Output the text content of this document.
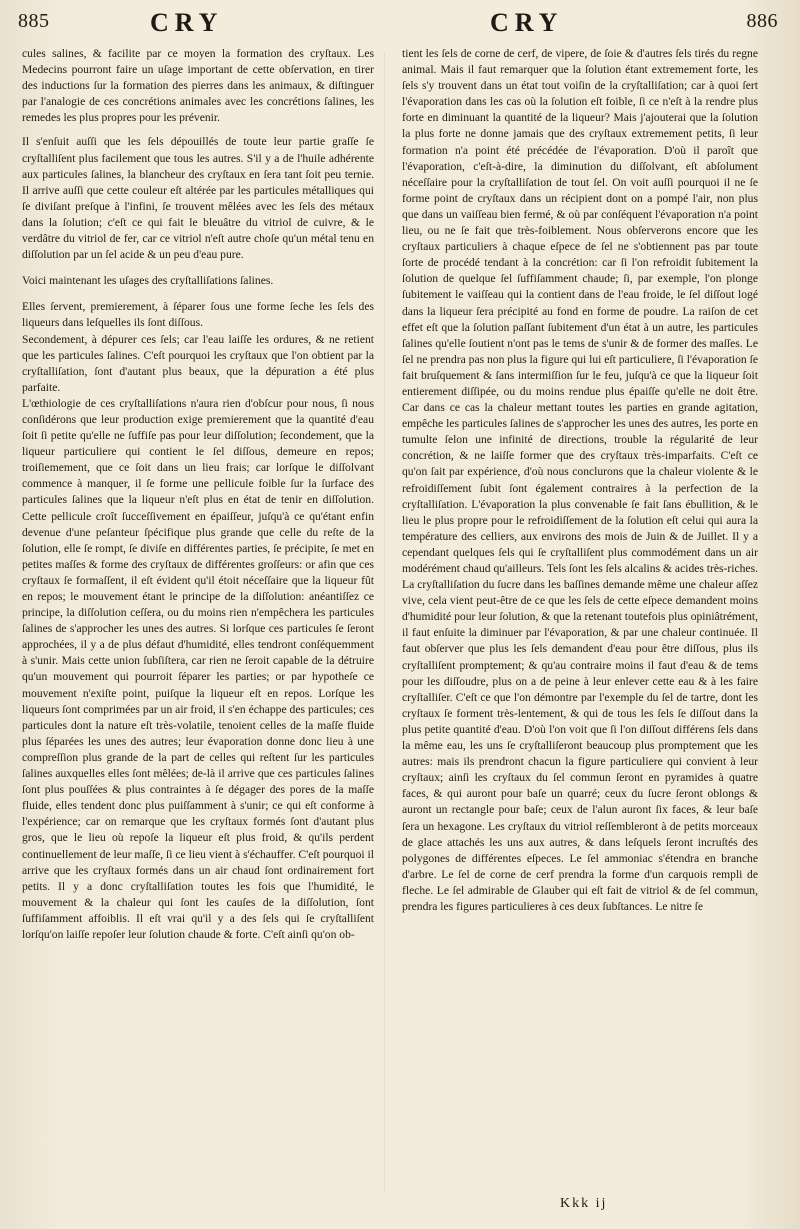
885	CRY	CRY	886

cules salines, & facilite par ce moyen la formation des cryſtaux. Les Medecins pourront faire un uſage important de cette obſervation, en tirer des inductions ſur la formation des pierres dans les animaux, & diſtinguer par l'analogie de ces concrétions animales avec les concrétions ſalines, les remedes les plus propres pour les prévenir.

Il s'enſuit auſſi que les ſels dépouillés de toute leur partie graſſe ſe cryſtalliſent plus facilement que tous les autres. S'il y a de l'huile adhérente aux particules ſalines, la blancheur des cryſtaux en ſera tant ſoit peu ternie. Il arrive auſſi que cette couleur eſt altérée par les particules métalliques qui ſe diviſant preſque à l'infini, ſe trouvent mêlées avec les ſels des métaux dans la ſolution; c'eſt ce qui fait le bleuâtre du vitriol de cuivre, & le verdâtre du vitriol de fer, car ce vitriol n'eſt autre choſe qu'un métal tenu en diſſolution par un ſel acide & un peu d'eau pure.

Voici maintenant les uſages des cryſtalliſations ſalines.

Elles ſervent, premierement, à ſéparer ſous une forme ſeche les ſels des liqueurs dans leſquelles ils ſont diſſous.

Secondement, à dépurer ces ſels; car l'eau laiſſe les ordures, & ne retient que les particules ſalines. C'eſt pourquoi les cryſtaux que l'on obtient par la cryſtalliſation, ſont d'autant plus beaux, que la dépuration a été plus parfaite.

L'œthiologie de ces cryſtalliſations n'aura rien d'obſcur pour nous, ſi nous conſidérons que leur production exige premierement que la quantité d'eau ſoit ſi petite qu'elle ne ſuffiſe pas pour leur diſſolution; ſecondement, que la liqueur particuliere qui contient le ſel diſſous, demeure en repos; troiſiemement, que ce ſoit dans un lieu frais; car lorſque le diſſolvant commence à manquer, il ſe forme une pellicule foible ſur la ſurface des particules ſalines que la liqueur n'eſt plus en état de tenir en diſſolution. Cette pellicule croît ſucceſſivement en épaiſſeur, juſqu'à ce qu'étant enfin devenue d'une peſanteur ſpécifique plus grande que celle du reſte de la ſolution, elle ſe rompt, ſe diviſe en différentes parties, ſe précipite, ſe met en petites maſſes & forme des cryſtaux de différentes groſſeurs: or afin que ces cryſtaux ſe formaſſent, il eſt évident qu'il étoit néceſſaire que la liqueur fût en repos; le mouvement étant le principe de la diſſolution: anéantiſſez ce principe, la diſſolution ceſſera, ou du moins rien n'empêchera les particules ſalines de s'approcher les unes des autres. Si lorſque ces particules ſe ſeront approchées, il y a de plus défaut d'humidité, elles tendront conſéquemment à s'unir. Mais cette union ſubſiſtera, car rien ne ſeroit capable de la détruire qu'un mouvement qui pourroit ſéparer les parties; or par hypotheſe ce mouvement n'exiſte point, puiſque la liqueur eſt en repos. Lorſque les liqueurs ſont comprimées par un air froid, il s'en échappe des particules; ces particules dont la nature eſt très-volatile, tenoient celles de la maſſe fluide plus ſéparées les unes des autres; leur évaporation donne donc lieu à une compreſſion plus grande de la part de celles qui reſtent ſur les particules ſalines auxquelles elles ſont mêlées; de-là il arrive que ces particules ſalines ſont plus pouſſées & plus contraintes à ſe dégager des pores de la maſſe fluide, elles tendent donc plus puiſſamment à s'unir; ce qui eſt conforme à l'expérience; car on remarque que les cryſtaux formés ſont d'autant plus gros, que le lieu où repoſe la liqueur eſt plus froid, & qu'ils perdent continuellement de leur maſſe, ſi ce lieu vient à s'échauffer. C'eſt pourquoi il arrive que les cryſtaux formés dans un air chaud ſont ordinairement fort petits. Il y a donc cryſtalliſation toutes les fois que l'humidité, le mouvement & la chaleur qui ſont les cauſes de la diſſolution, ſont ſuffiſamment affoiblis. Il eſt vrai qu'il y a des ſels qui ſe cryſtalliſent lorſqu'on laiſſe repoſer leur ſolution chaude & forte. C'eſt ainſi qu'on ob-

tient les ſels de corne de cerf, de vipere, de ſoie & d'autres ſels tirés du regne animal. Mais il faut remarquer que la ſolution étant extremement forte, les ſels s'y trouvent dans un état tout voiſin de la cryſtalliſation; car à quoi ſert l'évaporation dans les cas où la ſolution eſt foible, ſi ce n'eſt à la rendre plus forte en diminuant la quantité de la liqueur? Mais j'ajouterai que la ſolution la plus forte ne donne jamais que des cryſtaux extremement petits, ſi leur formation n'a point été précédée de l'évaporation. D'où il paroît que l'évaporation, c'eſt-à-dire, la diminution du diſſolvant, eſt abſolument néceſſaire pour la cryſtalliſation de tout ſel. On voit auſſi pourquoi il ne ſe forme point de cryſtaux dans un récipient dont on a pompé l'air, non plus que dans un vaiſſeau bien fermé, & où par conſéquent l'évaporation n'a point lieu, ou ne ſe fait que très-foiblement. Nous obſerverons encore que les cryſtaux particuliers à chaque eſpece de ſel ne s'obtiennent pas par toute ſorte de procédé tendant à la concrétion: car ſi l'on refroidit ſubitement la ſolution de quelque ſel ſuffiſamment chaude; ſi, par exemple, l'on plonge ſubitement le vaiſſeau qui la contient dans de l'eau froide, le ſel diſſout logé dans la liqueur ſera précipité au fond en forme de poudre. La raiſon de cet effet eſt que la ſolution paſſant ſubitement d'un état à un autre, les particules ſalines qu'elle ſoutient n'ont pas le tems de s'unir & de former des maſſes. Le ſel ne prendra pas non plus la figure qui lui eſt particuliere, ſi l'évaporation ſe fait bruſquement & ſans intermiſſion ſur le feu, juſqu'à ce que la liqueur ſoit entierement diſſipée, ou du moins rendue plus épaiſſe qu'elle ne doit être. Car dans ce cas la chaleur mettant toutes les parties en grande agitation, empêche les particules ſalines de s'approcher les unes des autres, les porte en tumulte ſelon une infinité de directions, trouble la régularité de leur concrétion, & ne laiſſe former que des cryſtaux très-imparfaits. C'eſt ce qu'on ſait par expérience, d'où nous conclurons que la chaleur violente & le refroidiſſement ſubit ſont également contraires à la perfection de la cryſtalliſation. L'évaporation la plus convenable ſe fait ſans ébullition, & le lieu le plus propre pour le refroidiſſement de la ſolution eſt celui qui aura la température des celliers, aux environs des mois de Juin & de Juillet. Il y a cependant quelques ſels qui ſe cryſtalliſent plus commodément dans un air modérément chaud qu'ailleurs. Tels ſont les ſels alcalins & acides très-riches. La cryſtalliſation du ſucre dans les baſſines demande même une chaleur aſſez vive, cela vient peut-être de ce que les ſels de cette eſpece demandent moins d'humidité pour leur ſolution, & que la retenant toutefois plus opiniâtrément, il faut enſuite la diminuer par l'évaporation, & par une chaleur continuée. Il faut obſerver que plus les ſels demandent d'eau pour être diſſous, plus ils cryſtalliſent promptement; & qu'au contraire moins il faut d'eau & de tems pour les diſſoudre, plus on a de peine à leur enlever cette eau & à les faire cryſtalliſer. C'eſt ce que l'on démontre par l'exemple du ſel de tartre, dont les cryſtaux ſe forment très-lentement, & qui de tous les ſels ſe diſſout dans la plus petite quantité d'eau. D'où l'on voit que ſi l'on diſſout différens ſels dans la même eau, les uns ſe cryſtalliſeront beaucoup plus promptement que les autres: mais ils prendront chacun la figure particuliere qui convient à leur cryſtaux; ainſi les cryſtaux du ſel commun ſeront en pyramides à quatre faces, & qui auront pour baſe un quarré; ceux du ſucre ſeront oblongs & auront un rectangle pour baſe; ceux de l'alun auront ſix faces, & leur baſe ſera un hexagone. Les cryſtaux du vitriol reſſembleront à de petits morceaux de glace attachés les uns aux autres, & dans leſquels ſeront incruſtés des polygones de différentes eſpeces. Le ſel ammoniac s'étendra en branche d'arbre. Le ſel de corne de cerf prendra la forme d'un carquois rempli de fleche. Le ſel admirable de Glauber qui eſt fait de vitriol & de ſel commun, prendra les figures particulieres à ces deux ſubſtances. Le nitre ſe

Kkk ij
